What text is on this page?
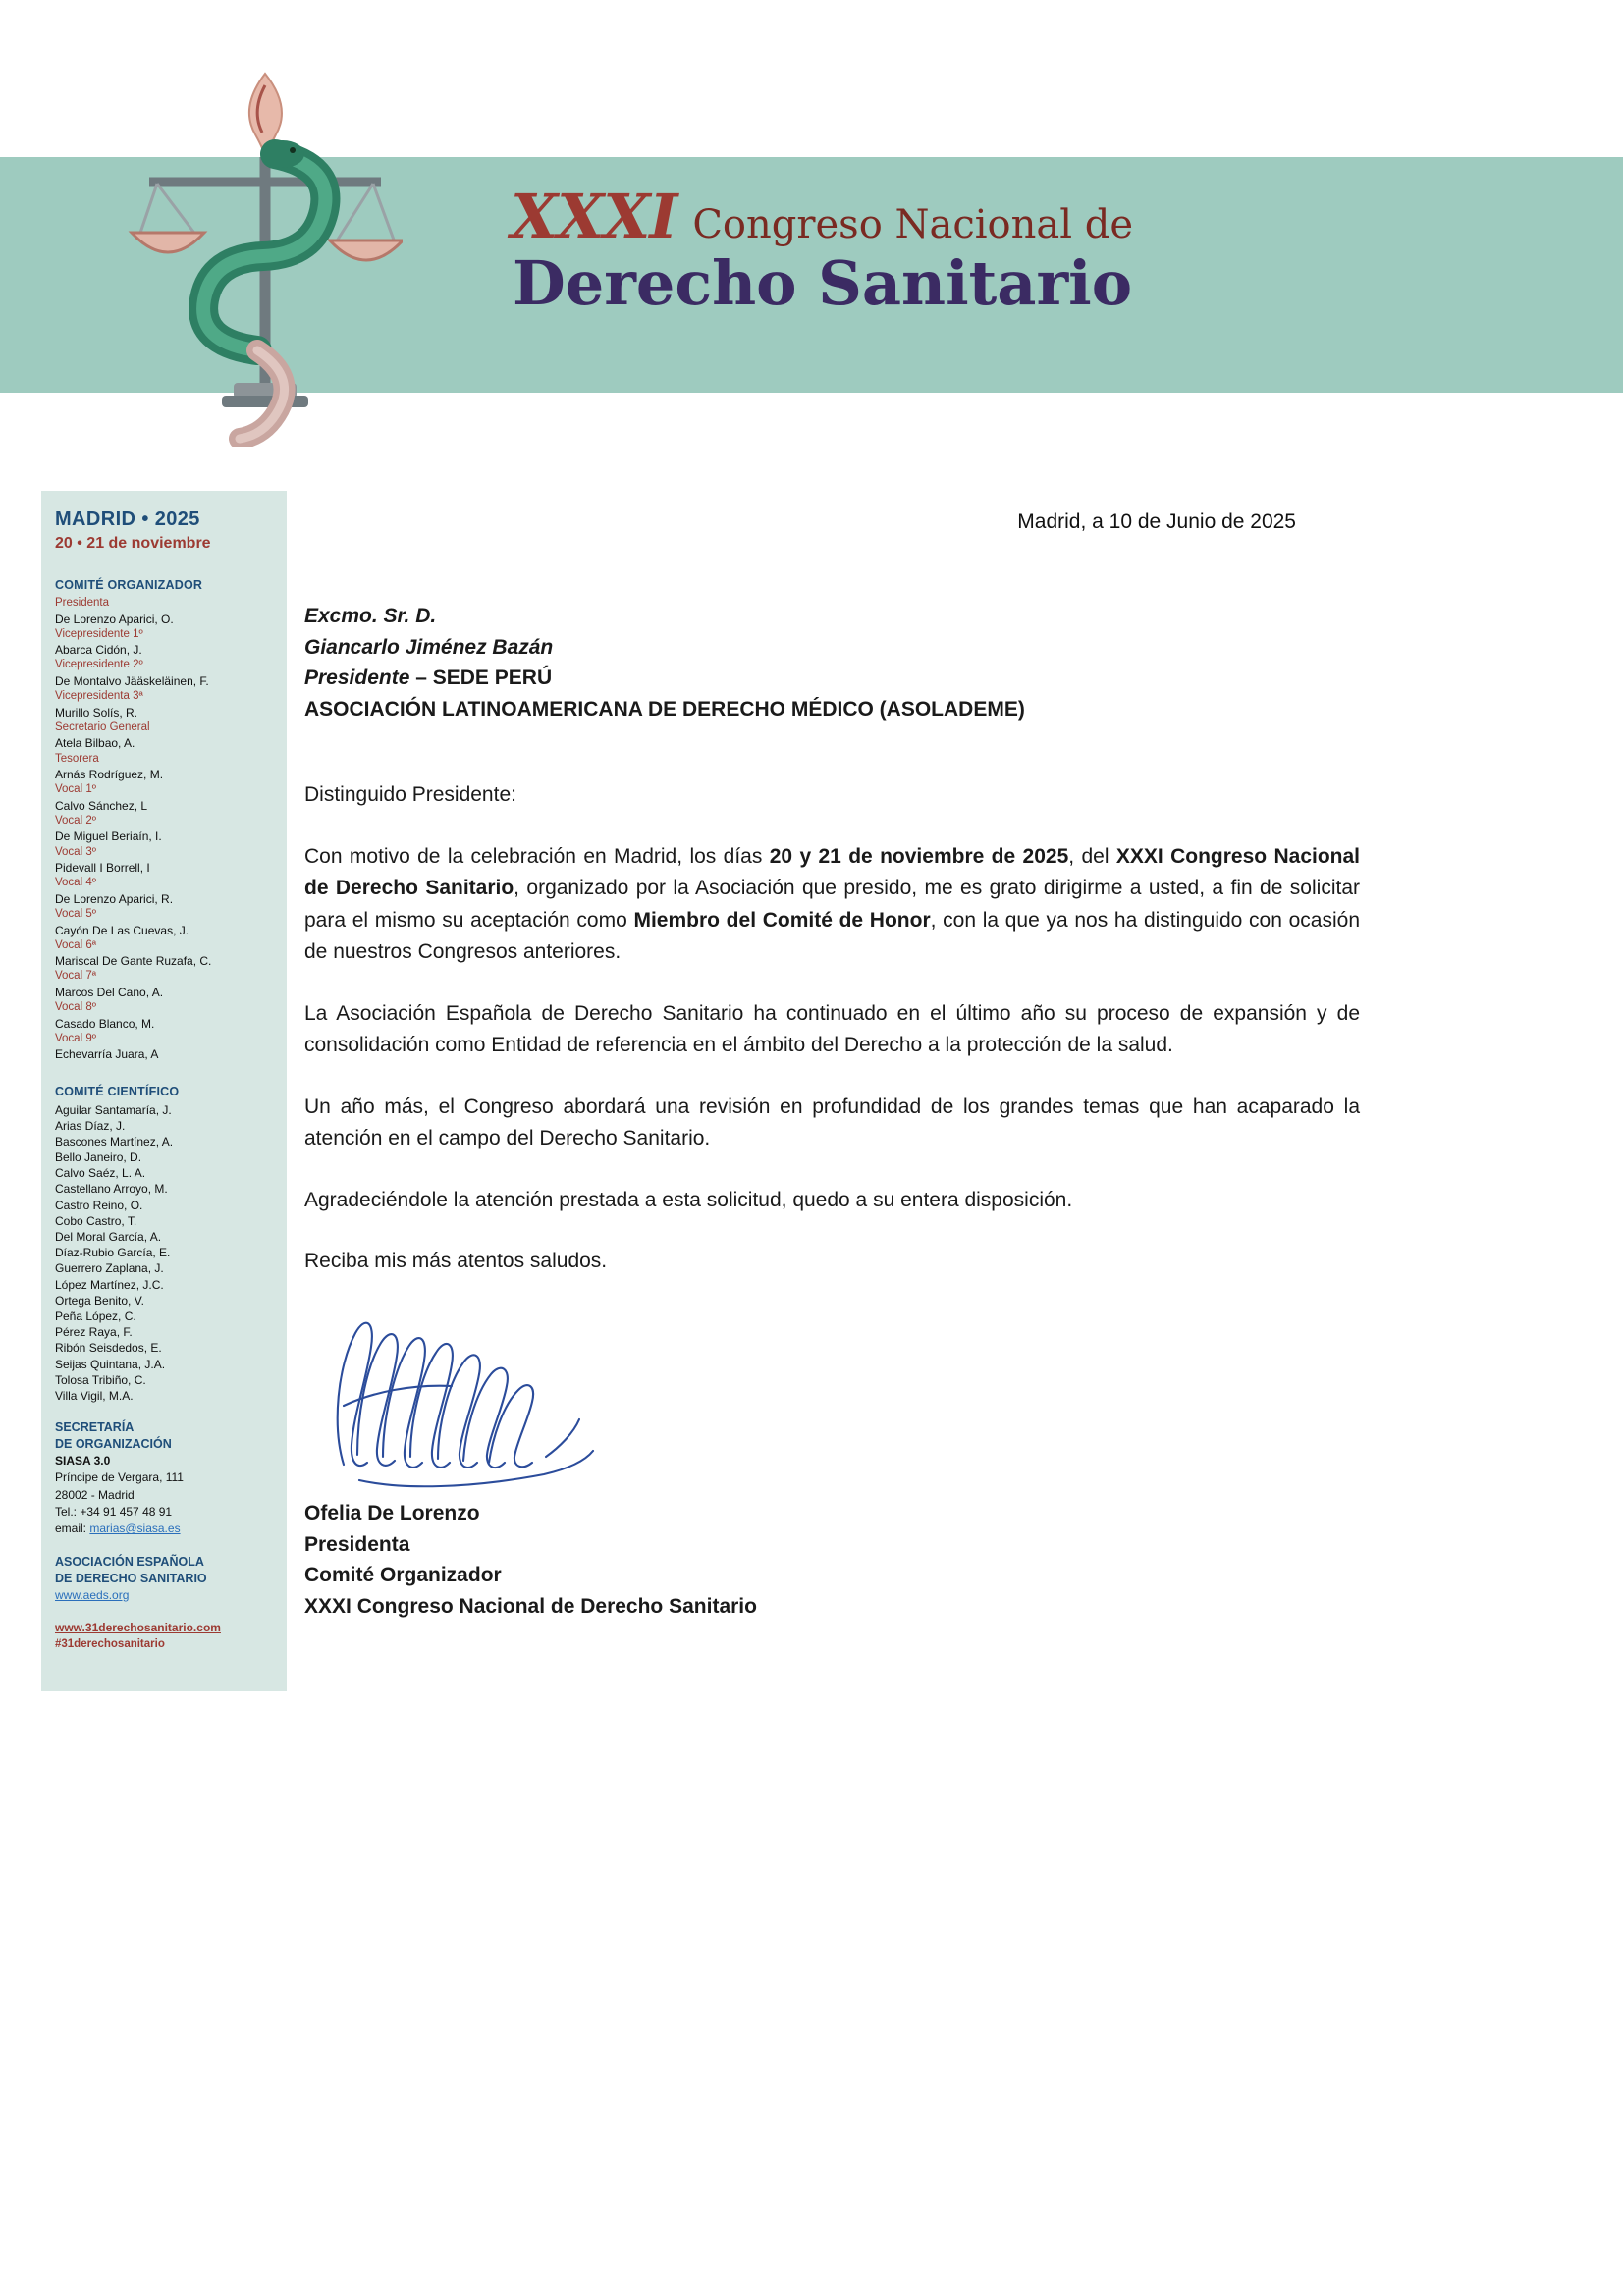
XXXI Congreso Nacional de
Derecho Sanitario
MADRID • 2025
20 • 21 de noviembre
COMITÉ ORGANIZADOR
Presidenta
De Lorenzo Aparici, O.
Vicepresidente 1º
Abarca Cidón, J.
Vicepresidente 2º
De Montalvo Jääskeläinen, F.
Vicepresidenta 3ª
Murillo Solís, R.
Secretario General
Atela Bilbao, A.
Tesorera
Arnás Rodríguez, M.
Vocal 1º
Calvo Sánchez, L
Vocal 2º
De Miguel Beriaín, I.
Vocal 3º
Pidevall I Borrell, I
Vocal 4º
De Lorenzo Aparici, R.
Vocal 5º
Cayón De Las Cuevas, J.
Vocal 6ª
Mariscal De Gante Ruzafa, C.
Vocal 7ª
Marcos Del Cano, A.
Vocal 8º
Casado Blanco, M.
Vocal 9º
Echevarría Juara, A
COMITÉ CIENTÍFICO
Aguilar Santamaría, J.
Arias Díaz, J.
Bascones Martínez, A.
Bello Janeiro, D.
Calvo Saéz, L. A.
Castellano Arroyo, M.
Castro Reino, O.
Cobo Castro, T.
Del Moral García, A.
Díaz-Rubio García, E.
Guerrero Zaplana, J.
López Martínez, J.C.
Ortega Benito, V.
Peña López, C.
Pérez Raya, F.
Ribón Seisdedos, E.
Seijas Quintana, J.A.
Tolosa Tribiño, C.
Villa Vigil, M.A.
SECRETARÍA
DE ORGANIZACIÓN
SIASA 3.0
Príncipe de Vergara, 111
28002 - Madrid
Tel.: +34 91 457 48 91
email: marias@siasa.es
ASOCIACIÓN ESPAÑOLA
DE DERECHO SANITARIO
www.aeds.org
www.31derechosanitario.com
#31derechosanitario
Madrid, a 10 de Junio de 2025
Excmo. Sr. D.
Giancarlo Jiménez Bazán
Presidente – SEDE PERÚ
ASOCIACIÓN LATINOAMERICANA DE DERECHO MÉDICO (ASOLADEME)

Distinguido Presidente:

Con motivo de la celebración en Madrid, los días 20 y 21 de noviembre de 2025, del XXXI Congreso Nacional de Derecho Sanitario, organizado por la Asociación que presido, me es grato dirigirme a usted, a fin de solicitar para el mismo su aceptación como Miembro del Comité de Honor, con la que ya nos ha distinguido con ocasión de nuestros Congresos anteriores.

La Asociación Española de Derecho Sanitario ha continuado en el último año su proceso de expansión y de consolidación como Entidad de referencia en el ámbito del Derecho a la protección de la salud.

Un año más, el Congreso abordará una revisión en profundidad de los grandes temas que han acaparado la atención en el campo del Derecho Sanitario.

Agradeciéndole la atención prestada a esta solicitud, quedo a su entera disposición.

Reciba mis más atentos saludos.

Ofelia De Lorenzo
Presidenta
Comité Organizador
XXXI Congreso Nacional de Derecho Sanitario
